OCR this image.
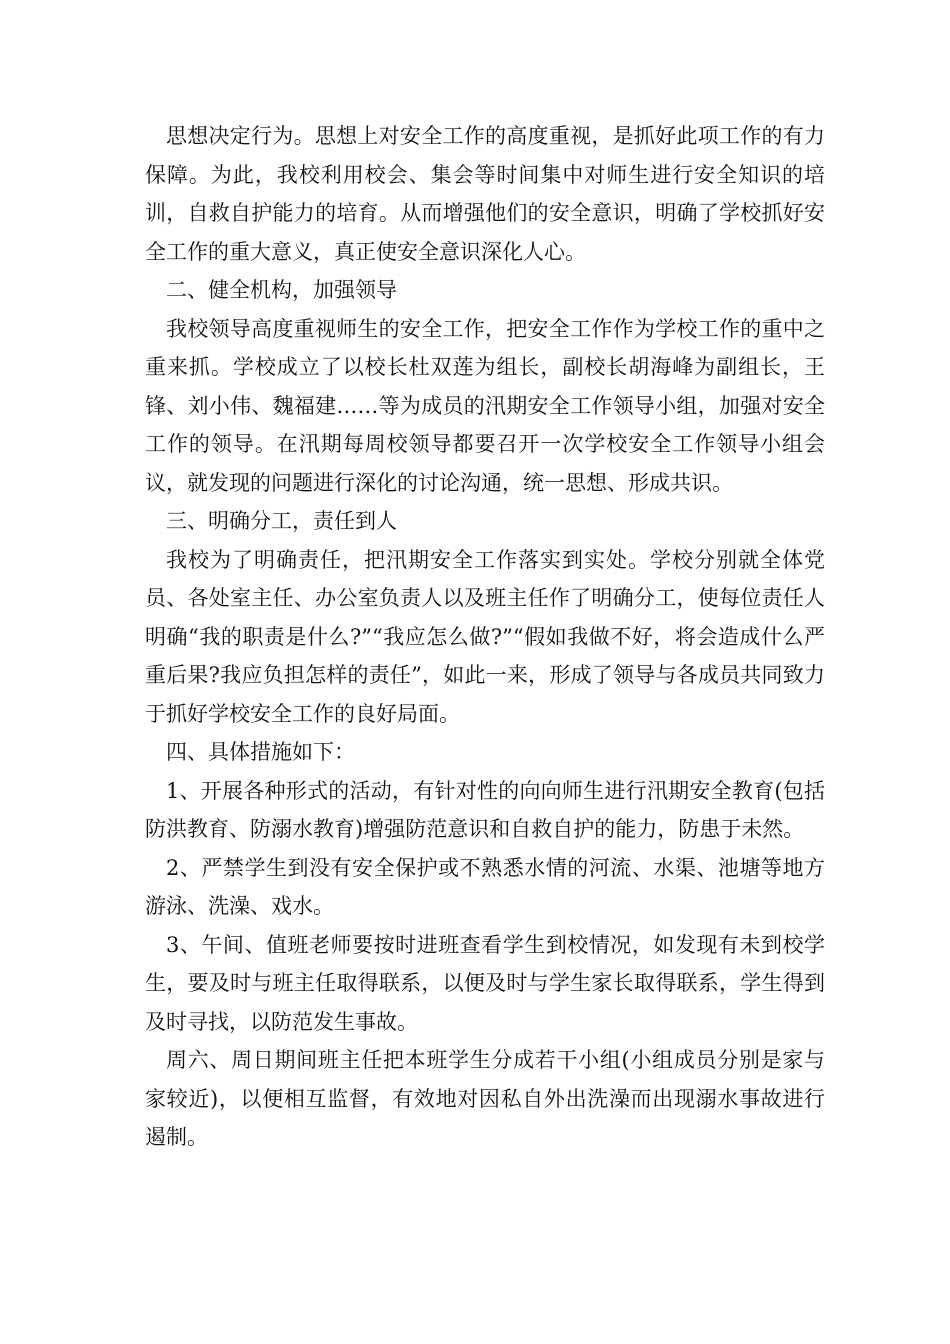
思想决定行为。思想上对安全工作的高度重视，是抓好此项工作的有力保障。为此，我校利用校会、集会等时间集中对师生进行安全知识的培训，自救自护能力的培育。从而增强他们的安全意识，明确了学校抓好安全工作的重大意义，真正使安全意识深化人心。

二、健全机构，加强领导

我校领导高度重视师生的安全工作，把安全工作作为学校工作的重中之重来抓。学校成立了以校长杜双莲为组长，副校长胡海峰为副组长，王锋、刘小伟、魏福建……等为成员的汛期安全工作领导小组，加强对安全工作的领导。在汛期每周校领导都要召开一次学校安全工作领导小组会议，就发现的问题进行深化的讨论沟通，统一思想、形成共识。

三、明确分工，责任到人

我校为了明确责任，把汛期安全工作落实到实处。学校分别就全体党员、各处室主任、办公室负责人以及班主任作了明确分工，使每位责任人明确“我的职责是什么?”“我应怎么做?”“假如我做不好，将会造成什么严重后果?我应负担怎样的责任”，如此一来，形成了领导与各成员共同致力于抓好学校安全工作的良好局面。

四、具体措施如下：

1、开展各种形式的活动，有针对性的向向师生进行汛期安全教育(包括防洪教育、防溺水教育)增强防范意识和自救自护的能力，防患于未然。

2、严禁学生到没有安全保护或不熟悉水情的河流、水渠、池塘等地方游泳、洗澡、戏水。

3、午间、值班老师要按时进班查看学生到校情况，如发现有未到校学生，要及时与班主任取得联系，以便及时与学生家长取得联系，学生得到及时寻找，以防范发生事故。

周六、周日期间班主任把本班学生分成若干小组(小组成员分别是家与家较近)，以便相互监督，有效地对因私自外出洗澡而出现溺水事故进行遏制。
